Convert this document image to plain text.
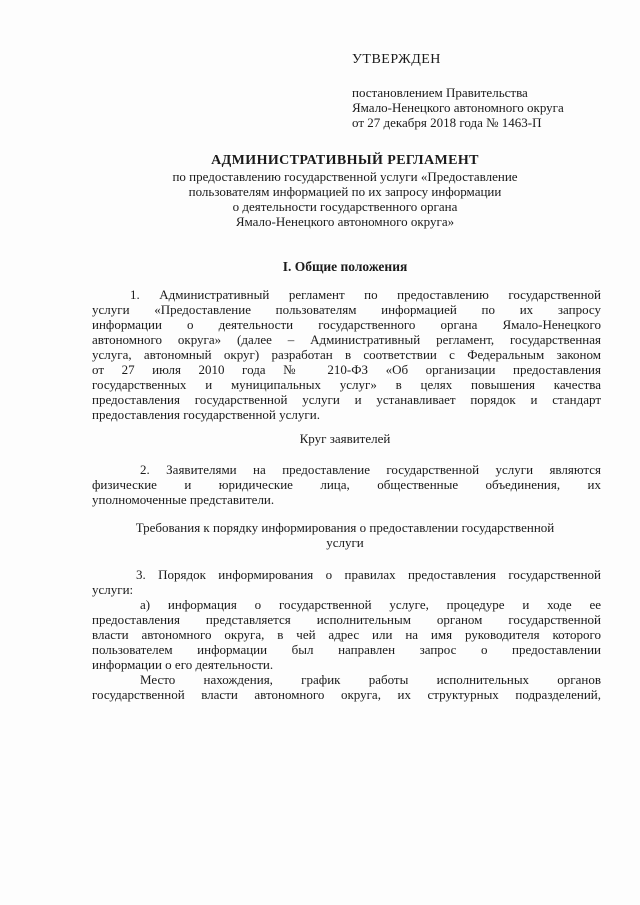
УТВЕРЖДЕН
постановлением Правительства
Ямало-Ненецкого автономного округа
от 27 декабря 2018 года № 1463-П
АДМИНИСТРАТИВНЫЙ РЕГЛАМЕНТ
по предоставлению государственной услуги «Предоставление
пользователям информацией по их запросу информации
о деятельности государственного органа
Ямало-Ненецкого автономного округа»
I. Общие положения
1. Административный регламент по предоставлению государственной
услуги «Предоставление пользователям информацией по их запросу
информации о деятельности государственного органа Ямало-Ненецкого
автономного округа» (далее – Административный регламент, государственная
услуга, автономный округ) разработан в соответствии с Федеральным законом
от 27 июля 2010 года № 210-ФЗ «Об организации предоставления
государственных и муниципальных услуг» в целях повышения качества
предоставления государственной услуги и устанавливает порядок и стандарт
предоставления государственной услуги.
Круг заявителей
2. Заявителями на предоставление государственной услуги являются
физические и юридические лица, общественные объединения, их
уполномоченные представители.
Требования к порядку информирования о предоставлении государственной
услуги
3. Порядок информирования о правилах предоставления государственной
услуги:
а) информация о государственной услуге, процедуре и ходе ее
предоставления представляется исполнительным органом государственной
власти автономного округа, в чей адрес или на имя руководителя которого
пользователем информации был направлен запрос о предоставлении
информации о его деятельности.
Место нахождения, график работы исполнительных органов
государственной власти автономного округа, их структурных подразделений,
